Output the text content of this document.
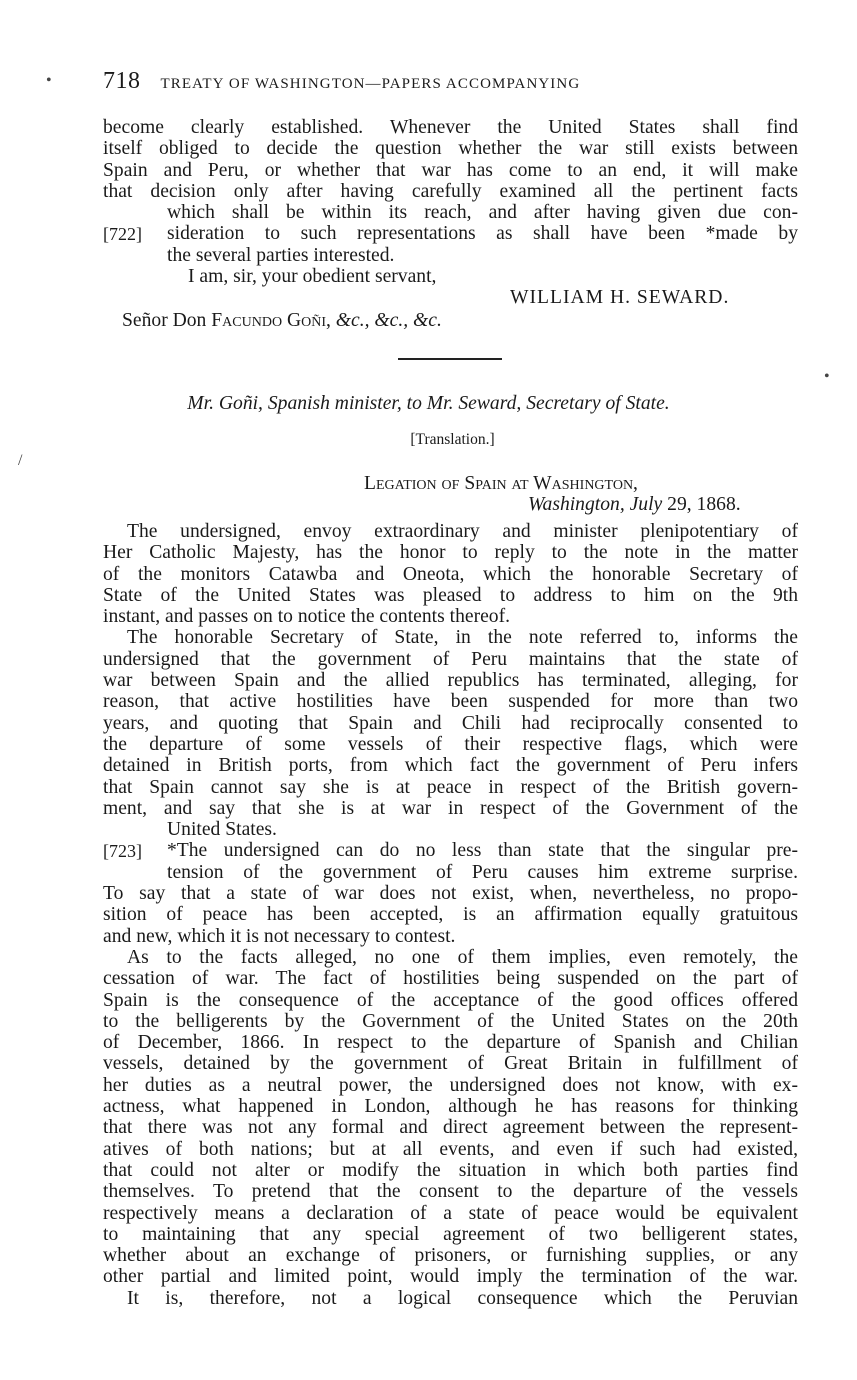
718 TREATY OF WASHINGTON—PAPERS ACCOMPANYING
become clearly established. Whenever the United States shall find
itself obliged to decide the question whether the war still exists between
Spain and Peru, or whether that war has come to an end, it will make
that decision only after having carefully examined all the pertinent facts
which shall be within its reach, and after having given due con-
sideration to such representations as shall have been *made by
the several parties interested.
I am, sir, your obedient servant,
[722]
WILLIAM H. SEWARD.
Señor Don Facundo Goñi, &c., &c., &c.
Mr. Goñi, Spanish minister, to Mr. Seward, Secretary of State.
[Translation.]
Legation of Spain at Washington,
Washington, July 29, 1868.
The undersigned, envoy extraordinary and minister plenipotentiary of
Her Catholic Majesty, has the honor to reply to the note in the matter
of the monitors Catawba and Oneota, which the honorable Secretary of
State of the United States was pleased to address to him on the 9th
instant, and passes on to notice the contents thereof.
The honorable Secretary of State, in the note referred to, informs the
undersigned that the government of Peru maintains that the state of
war between Spain and the allied republics has terminated, alleging, for
reason, that active hostilities have been suspended for more than two
years, and quoting that Spain and Chili had reciprocally consented to
the departure of some vessels of their respective flags, which were
detained in British ports, from which fact the government of Peru infers
that Spain cannot say she is at peace in respect of the British govern-
ment, and say that she is at war in respect of the Government of the
United States.
*The undersigned can do no less than state that the singular pre-
tension of the government of Peru causes him extreme surprise.
To say that a state of war does not exist, when, nevertheless, no propo-
sition of peace has been accepted, is an affirmation equally gratuitous
and new, which it is not necessary to contest.
As to the facts alleged, no one of them implies, even remotely, the
cessation of war. The fact of hostilities being suspended on the part of
Spain is the consequence of the acceptance of the good offices offered
to the belligerents by the Government of the United States on the 20th
of December, 1866. In respect to the departure of Spanish and Chilian
vessels, detained by the government of Great Britain in fulfillment of
her duties as a neutral power, the undersigned does not know, with ex-
actness, what happened in London, although he has reasons for thinking
that there was not any formal and direct agreement between the represent-
atives of both nations; but at all events, and even if such had existed,
that could not alter or modify the situation in which both parties find
themselves. To pretend that the consent to the departure of the vessels
respectively means a declaration of a state of peace would be equivalent
to maintaining that any special agreement of two belligerent states,
whether about an exchange of prisoners, or furnishing supplies, or any
other partial and limited point, would imply the termination of the war.
It is, therefore, not a logical consequence which the Peruvian
[723]
•
•
/
